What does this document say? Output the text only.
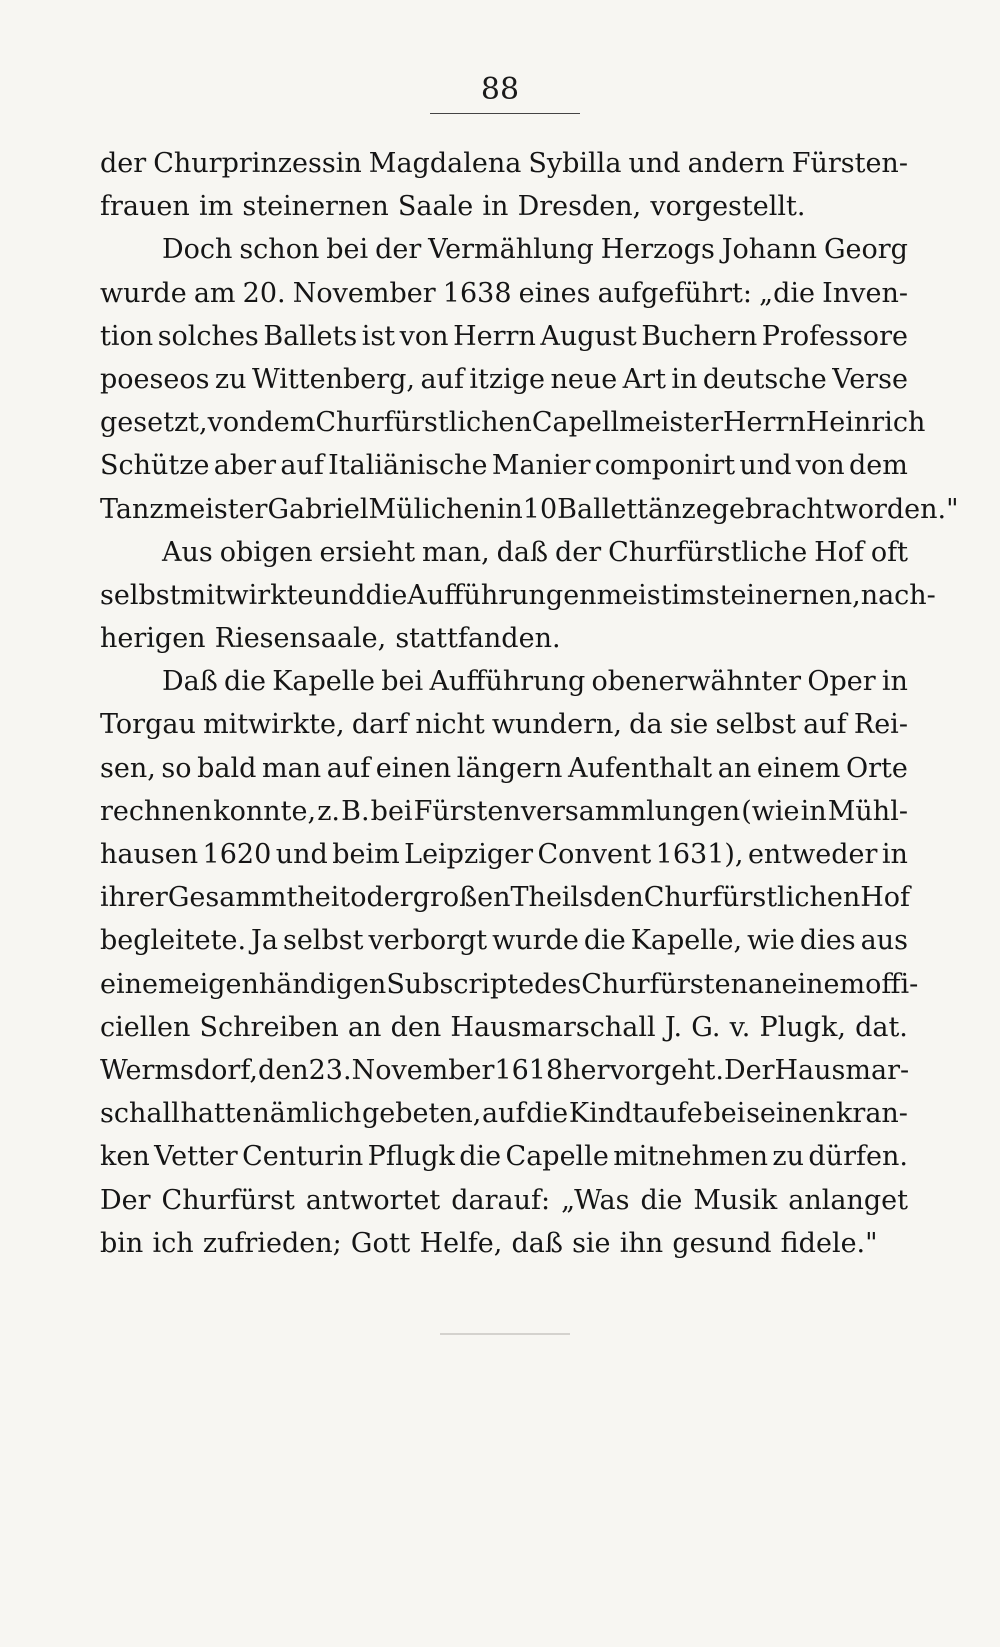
88
der Churprinzessin Magdalena Sybilla und andern Fürsten-
frauen im steinernen Saale in Dresden, vorgestellt.
Doch schon bei der Vermählung Herzogs Johann Georg
wurde am 20. November 1638 eines aufgeführt: „die Inven-
tion solches Ballets ist von Herrn August Buchern Professore
poeseos zu Wittenberg, auf itzige neue Art in deutsche Verse
gesetzt, von dem Churfürstlichen Capellmeister Herrn Heinrich
Schütze aber auf Italiänische Manier componirt und von dem
Tanzmeister Gabriel Mülichen in 10 Ballettänze gebracht worden."
Aus obigen ersieht man, daß der Churfürstliche Hof oft
selbst mitwirkte und die Aufführungen meist im steinernen, nach-
herigen Riesensaale, stattfanden.
Daß die Kapelle bei Aufführung obenerwähnter Oper in
Torgau mitwirkte, darf nicht wundern, da sie selbst auf Rei-
sen, so bald man auf einen längern Aufenthalt an einem Orte
rechnen konnte, z. B. bei Fürstenversammlungen (wie in Mühl-
hausen 1620 und beim Leipziger Convent 1631), entweder in
ihrer Gesammtheit oder großen Theils den Churfürstlichen Hof
begleitete. Ja selbst verborgt wurde die Kapelle, wie dies aus
einem eigenhändigen Subscripte des Churfürsten an einem offi-
ciellen Schreiben an den Hausmarschall J. G. v. Plugk, dat.
Wermsdorf, den 23. November 1618 hervorgeht. Der Hausmar-
schall hatte nämlich gebeten, auf die Kindtaufe bei seinen kran-
ken Vetter Centurin Pflugk die Capelle mitnehmen zu dürfen.
Der Churfürst antwortet darauf: „Was die Musik anlanget
bin ich zufrieden; Gott Helfe, daß sie ihn gesund fidele."
